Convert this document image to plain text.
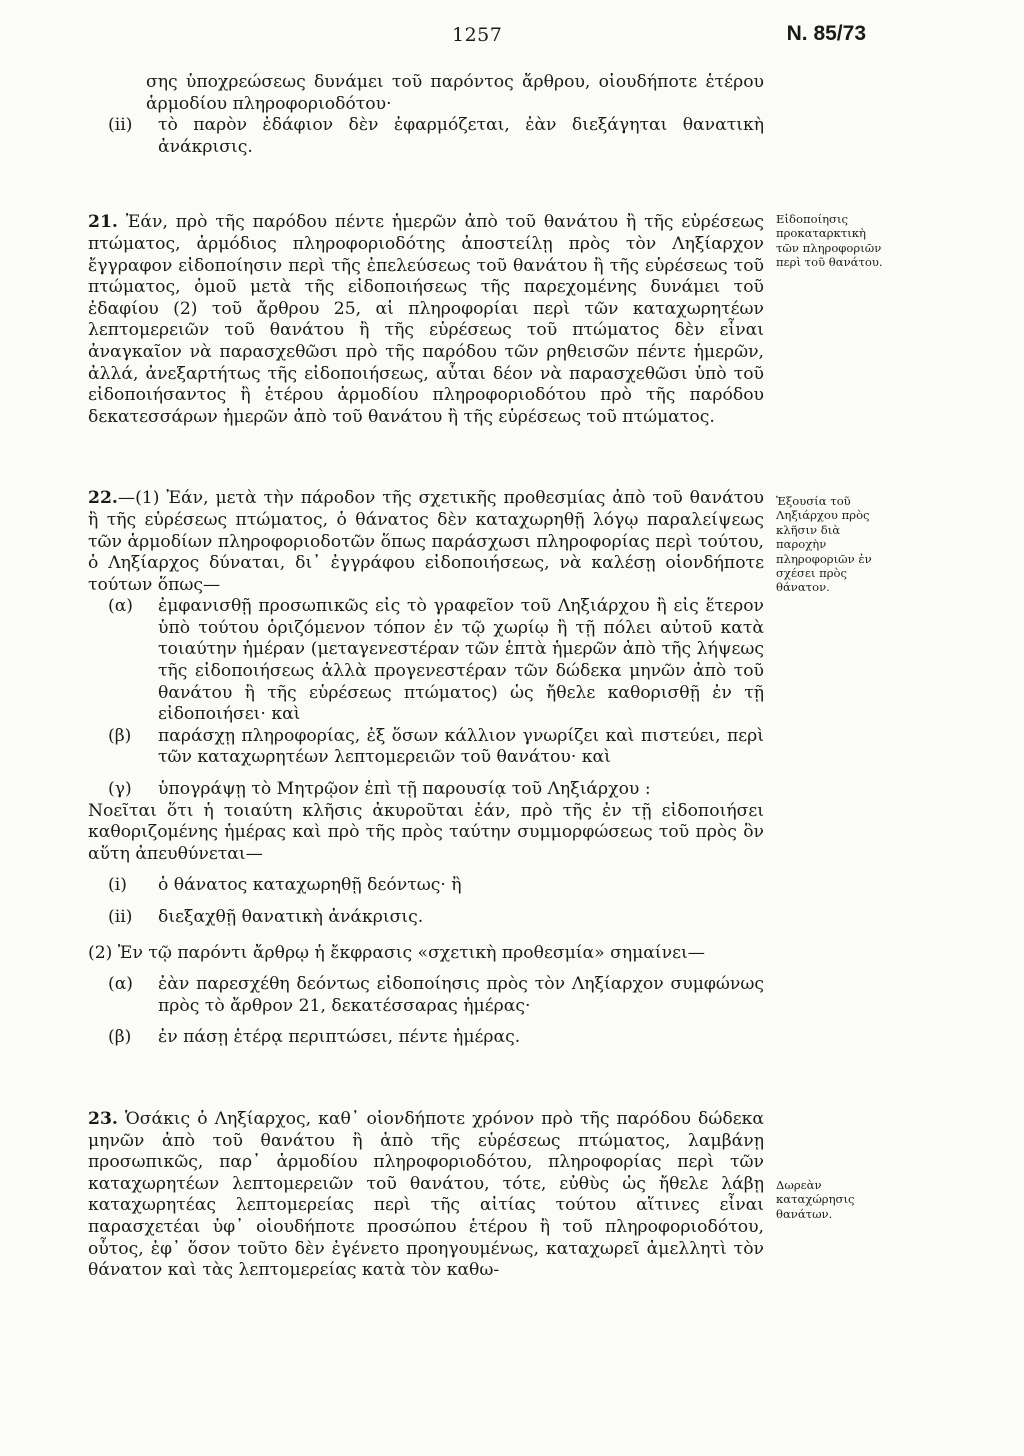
1257	N. 85/73

σης ὑποχρεώσεως δυνάμει τοῦ παρόντος ἄρθρου, οἱουδήποτε ἑτέρου ἁρμοδίου πληροφοριοδότου·

(ii)	τὸ παρὸν ἐδάφιον δὲν ἐφαρμόζεται, ἐὰν διεξάγηται θανατικὴ ἀνάκρισις.

21. Ἐάν, πρὸ τῆς παρόδου πέντε ἡμερῶν ἀπὸ τοῦ θανάτου ἢ τῆς εὑρέσεως πτώματος, ἁρμόδιος πληροφοριοδότης ἀποστείλῃ πρὸς τὸν Ληξίαρχον ἔγγραφον εἰδοποίησιν περὶ τῆς ἐπελεύσεως τοῦ θανάτου ἢ τῆς εὑρέσεως τοῦ πτώματος, ὁμοῦ μετὰ τῆς εἰδοποιήσεως τῆς παρεχομένης δυνάμει τοῦ ἐδαφίου (2) τοῦ ἄρθρου 25, αἱ πληροφορίαι περὶ τῶν καταχωρητέων λεπτομερειῶν τοῦ θανάτου ἢ τῆς εὑρέσεως τοῦ πτώματος δὲν εἶναι ἀναγκαῖον νὰ παρασχεθῶσι πρὸ τῆς παρόδου τῶν ρηθεισῶν πέντε ἡμερῶν, ἀλλά, ἀνεξαρτήτως τῆς εἰδοποιήσεως, αὗται δέον νὰ παρασχεθῶσι ὑπὸ τοῦ εἰδοποιήσαντος ἢ ἑτέρου ἁρμοδίου πληροφοριοδότου πρὸ τῆς παρόδου δεκατεσσάρων ἡμερῶν ἀπὸ τοῦ θανάτου ἢ τῆς εὑρέσεως τοῦ πτώματος.

22.—(1) Ἐάν, μετὰ τὴν πάροδον τῆς σχετικῆς προθεσμίας ἀπὸ τοῦ θανάτου ἢ τῆς εὑρέσεως πτώματος, ὁ θάνατος δὲν καταχωρηθῇ λόγῳ παραλείψεως τῶν ἁρμοδίων πληροφοριοδοτῶν ὅπως παράσχωσι πληροφορίας περὶ τούτου, ὁ Ληξίαρχος δύναται, δι᾽ ἐγγράφου εἰδοποιήσεως, νὰ καλέσῃ οἱονδήποτε τούτων ὅπως—

(α)	ἐμφανισθῇ προσωπικῶς εἰς τὸ γραφεῖον τοῦ Ληξιάρχου ἢ εἰς ἕτερον ὑπὸ τούτου ὁριζόμενον τόπον ἐν τῷ χωρίῳ ἢ τῇ πόλει αὐτοῦ κατὰ τοιαύτην ἡμέραν (μεταγενεστέραν τῶν ἑπτὰ ἡμερῶν ἀπὸ τῆς λήψεως τῆς εἰδοποιήσεως ἀλλὰ προγενεστέραν τῶν δώδεκα μηνῶν ἀπὸ τοῦ θανάτου ἢ τῆς εὑρέσεως πτώματος) ὡς ἤθελε καθορισθῇ ἐν τῇ εἰδοποιήσει· καὶ
(β)	παράσχῃ πληροφορίας, ἐξ ὅσων κάλλιον γνωρίζει καὶ πιστεύει, περὶ τῶν καταχωρητέων λεπτομερειῶν τοῦ θανάτου· καὶ
(γ)	ὑπογράψῃ τὸ Μητρῷον ἐπὶ τῇ παρουσίᾳ τοῦ Ληξιάρχου :

Νοεῖται ὅτι ἡ τοιαύτη κλῆσις ἀκυροῦται ἐάν, πρὸ τῆς ἐν τῇ εἰδοποιήσει καθοριζομένης ἡμέρας καὶ πρὸ τῆς πρὸς ταύτην συμμορφώσεως τοῦ πρὸς ὃν αὕτη ἀπευθύνεται—

(i)	ὁ θάνατος καταχωρηθῇ δεόντως· ἢ
(ii)	διεξαχθῇ θανατικὴ ἀνάκρισις.

(2) Ἐν τῷ παρόντι ἄρθρῳ ἡ ἔκφρασις «σχετικὴ προθεσμία» σημαίνει—

(α)	ἐὰν παρεσχέθη δεόντως εἰδοποίησις πρὸς τὸν Ληξίαρχον συμφώνως πρὸς τὸ ἄρθρον 21, δεκατέσσαρας ἡμέρας·
(β)	ἐν πάσῃ ἑτέρᾳ περιπτώσει, πέντε ἡμέρας.

23. Ὁσάκις ὁ Ληξίαρχος, καθ᾽ οἱονδήποτε χρόνον πρὸ τῆς παρόδου δώδεκα μηνῶν ἀπὸ τοῦ θανάτου ἢ ἀπὸ τῆς εὑρέσεως πτώματος, λαμβάνῃ προσωπικῶς, παρ᾽ ἁρμοδίου πληροφοριοδότου, πληροφορίας περὶ τῶν καταχωρητέων λεπτομερειῶν τοῦ θανάτου, τότε, εὐθὺς ὡς ἤθελε λάβῃ καταχωρητέας λεπτομερείας περὶ τῆς αἰτίας τούτου αἵτινες εἶναι παρασχετέαι ὑφ᾽ οἱουδήποτε προσώπου ἑτέρου ἢ τοῦ πληροφοριοδότου, οὗτος, ἐφ᾽ ὅσον τοῦτο δὲν ἐγένετο προηγουμένως, καταχωρεῖ ἀμελλητὶ τὸν θάνατον καὶ τὰς λεπτομερείας κατὰ τὸν καθω-

Εἰδοποίησις προκαταρκτικὴ τῶν πληροφοριῶν περὶ τοῦ θανάτου.
Ἐξουσία τοῦ Ληξιάρχου πρὸς κλῆσιν διὰ παροχὴν πληροφοριῶν ἐν σχέσει πρὸς θάνατον.
Δωρεὰν καταχώρησις θανάτων.
